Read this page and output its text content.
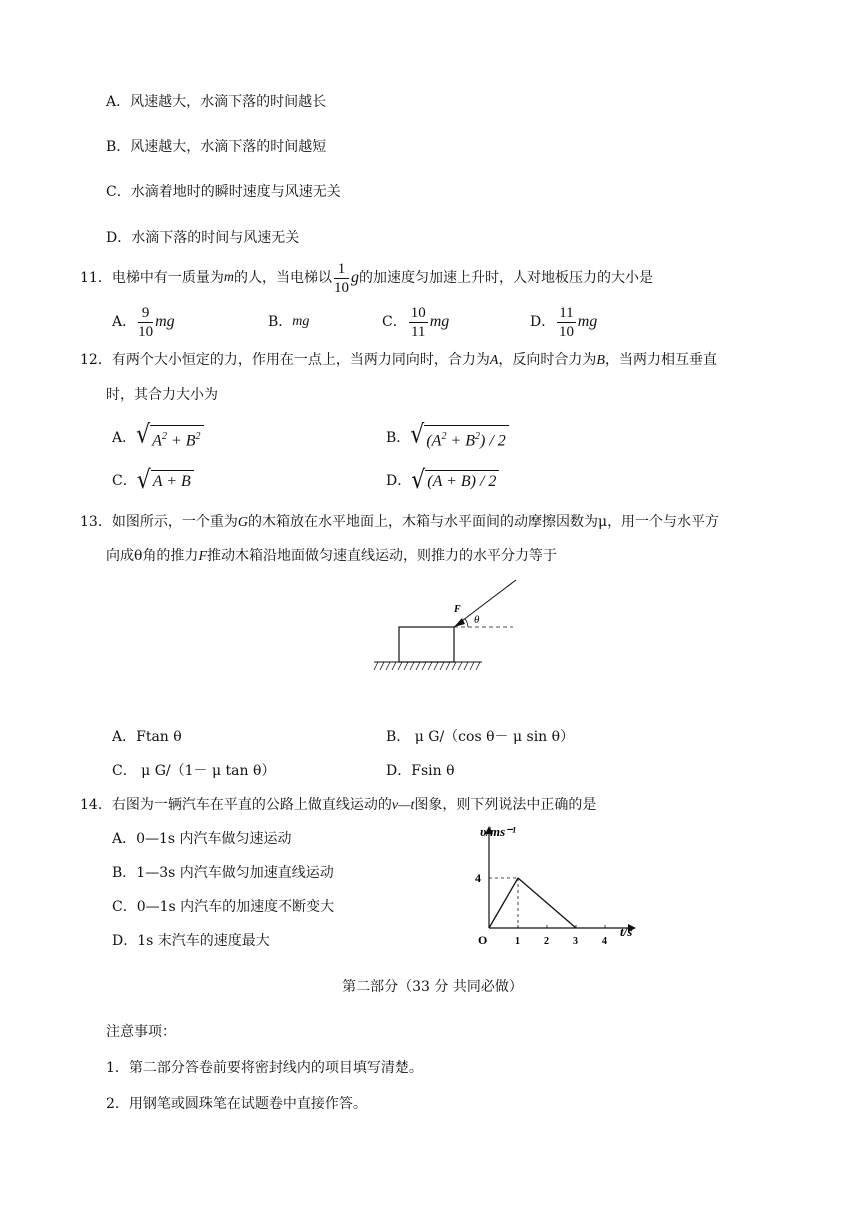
A．风速越大，水滴下落的时间越长
B．风速越大，水滴下落的时间越短
C．水滴着地时的瞬时速度与风速无关
D．水滴下落的时间与风速无关
11．电梯中有一质量为 m 的人，当电梯以 $\frac{1}{10}$ g 的加速度匀加速上升时，人对地板压力的大小是
A． $\frac{9}{10}$ mg	B． mg	C． $\frac{10}{11}$ mg	D． $\frac{11}{10}$ mg
12．有两个大小恒定的力，作用在一点上，当两力同向时，合力为A，反向时合力为B，当两力相互垂直
时，其合力大小为
A． √ $A^2 + B^2$	B． √ $(A^2 + B^2) / 2$
C． √ A + B	D． √ (A + B) / 2
13．如图所示，一个重为G的木箱放在水平地面上，木箱与水平面间的动摩擦因数为μ，用一个与水平方
向成θ角的推力F推动木箱沿地面做匀速直线运动，则推力的水平分力等于
F
θ
A．Ftan θ	B． μ G/（cos θ－ μ sin θ）
C． μ G/（1－ μ tan θ）	D．Fsin θ
14．右图为一辆汽车在平直的公路上做直线运动的v—t图象，则下列说法中正确的是
A．0—1s 内汽车做匀速运动
B．1—3s 内汽车做匀加速直线运动
C．0—1s 内汽车的加速度不断变大
D．1s 末汽车的速度最大
υ/ms⁻¹
t/s
O	1 2 3 4
4
第二部分（33 分 共同必做）
注意事项：
1．第二部分答卷前要将密封线内的项目填写清楚。
2．用钢笔或圆珠笔在试题卷中直接作答。
